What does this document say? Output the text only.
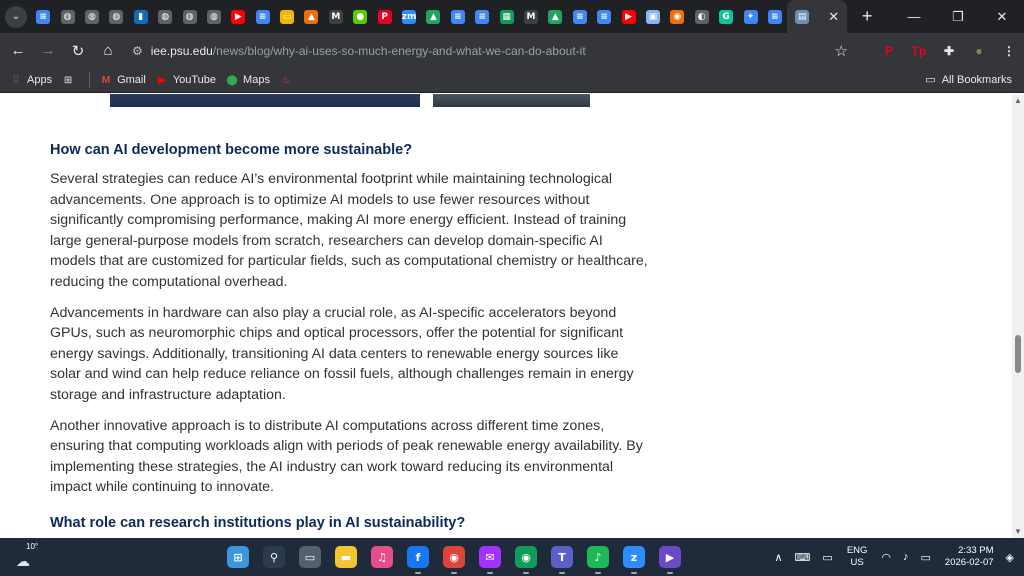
⌄	≡	◍	◍	◍	▮	◍	◍	◍	▶	≡	▭	▲	M	●	P	zm	▲	≡	≡	▦	M	▲	≡	≡	▶	▣	◉	◐	G	✦	≡	▤ ✕	+	—	❐	✕
←	→	↻	⌂	⚙ iee.psu.edu/news/blog/why-ai-uses-so-much-energy-and-what-we-can-do-about-it	☆	P	Tp	✚	●	⋮
⁞⁞ Apps ⊞	M Gmail ▶ YouTube ⬤ Maps ♨	▭ All Bookmarks
How can AI development become more sustainable?

Several strategies can reduce AI’s environmental footprint while maintaining technological advancements. One approach is to optimize AI models to use fewer resources without significantly compromising performance, making AI more energy efficient. Instead of training large general-purpose models from scratch, researchers can develop domain-specific AI models that are customized for particular fields, such as computational chemistry or healthcare, reducing the computational overhead.

Advancements in hardware can also play a crucial role, as AI-specific accelerators beyond GPUs, such as neuromorphic chips and optical processors, offer the potential for significant energy savings. Additionally, transitioning AI data centers to renewable energy sources like solar and wind can help reduce reliance on fossil fuels, although challenges remain in energy storage and infrastructure adaptation.

Another innovative approach is to distribute AI computations across different time zones, ensuring that computing workloads align with periods of peak renewable energy availability. By implementing these strategies, the AI industry can work toward reducing its environmental impact while continuing to innovate.

What role can research institutions play in AI sustainability?
▲
▼
10°
☁	⊞	⚲	▭	▬	♫	f	◉	✉	◉	T	♪	z	▶	∧ ⌨ ▭
ENG
US	◠ ♪ ▭
2:33 PM
2026-02-07 ◈
